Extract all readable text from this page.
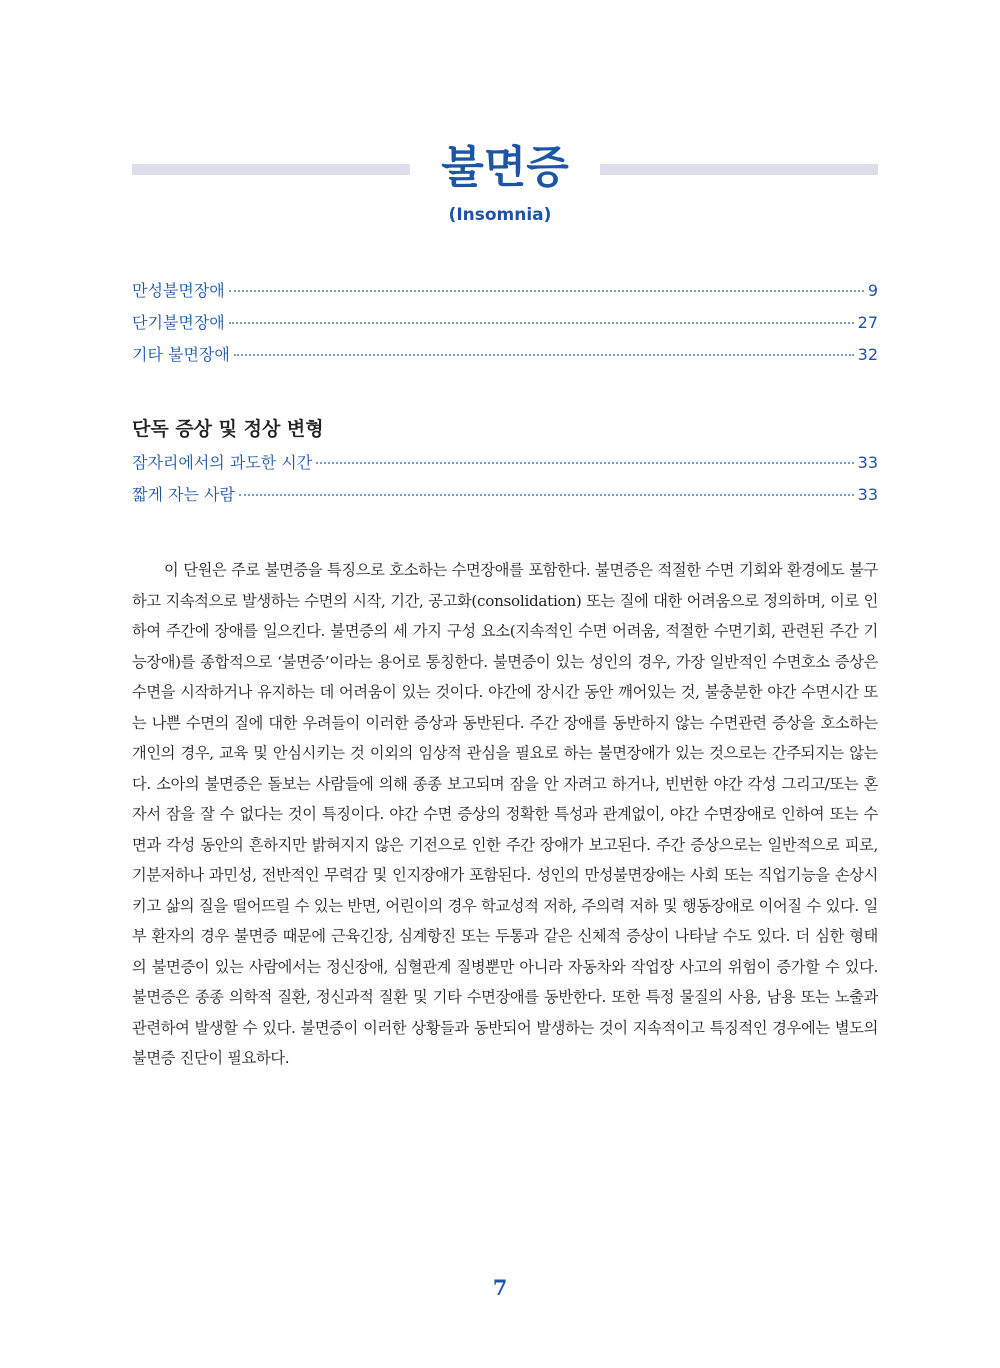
불면증
(Insomnia)
만성불면장애	9
단기불면장애	27
기타 불면장애	32
단독 증상 및 정상 변형
잠자리에서의 과도한 시간	33
짧게 자는 사람	33

이 단원은 주로 불면증을 특징으로 호소하는 수면장애를 포함한다. 불면증은 적절한 수면 기회와 환경에도 불구하고 지속적으로 발생하는 수면의 시작, 기간, 공고화(consolidation) 또는 질에 대한 어려움으로 정의하며, 이로 인하여 주간에 장애를 일으킨다. 불면증의 세 가지 구성 요소(지속적인 수면 어려움, 적절한 수면기회, 관련된 주간 기능장애)를 종합적으로 ‘불면증’이라는 용어로 통칭한다. 불면증이 있는 성인의 경우, 가장 일반적인 수면호소 증상은 수면을 시작하거나 유지하는 데 어려움이 있는 것이다. 야간에 장시간 동안 깨어있는 것, 불충분한 야간 수면시간 또는 나쁜 수면의 질에 대한 우려들이 이러한 증상과 동반된다. 주간 장애를 동반하지 않는 수면관련 증상을 호소하는 개인의 경우, 교육 및 안심시키는 것 이외의 임상적 관심을 필요로 하는 불면장애가 있는 것으로는 간주되지는 않는다. 소아의 불면증은 돌보는 사람들에 의해 종종 보고되며 잠을 안 자려고 하거나, 빈번한 야간 각성 그리고/또는 혼자서 잠을 잘 수 없다는 것이 특징이다. 야간 수면 증상의 정확한 특성과 관계없이, 야간 수면장애로 인하여 또는 수면과 각성 동안의 흔하지만 밝혀지지 않은 기전으로 인한 주간 장애가 보고된다. 주간 증상으로는 일반적으로 피로, 기분저하나 과민성, 전반적인 무력감 및 인지장애가 포함된다. 성인의 만성불면장애는 사회 또는 직업기능을 손상시키고 삶의 질을 떨어뜨릴 수 있는 반면, 어린이의 경우 학교성적 저하, 주의력 저하 및 행동장애로 이어질 수 있다. 일부 환자의 경우 불면증 때문에 근육긴장, 심계항진 또는 두통과 같은 신체적 증상이 나타날 수도 있다. 더 심한 형태의 불면증이 있는 사람에서는 정신장애, 심혈관계 질병뿐만 아니라 자동차와 작업장 사고의 위험이 증가할 수 있다. 불면증은 종종 의학적 질환, 정신과적 질환 및 기타 수면장애를 동반한다. 또한 특정 물질의 사용, 남용 또는 노출과 관련하여 발생할 수 있다. 불면증이 이러한 상황들과 동반되어 발생하는 것이 지속적이고 특징적인 경우에는 별도의 불면증 진단이 필요하다.

7
